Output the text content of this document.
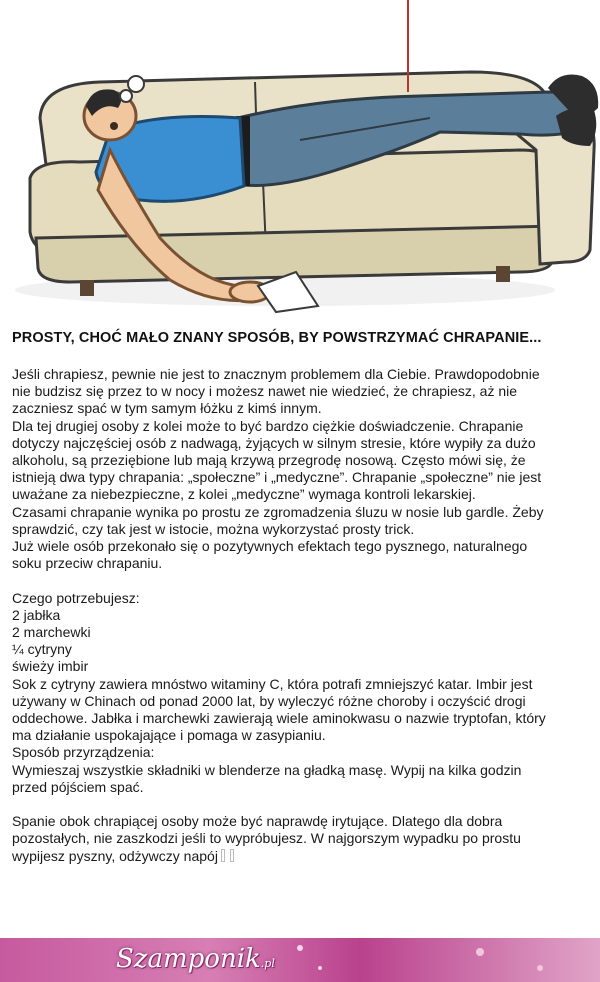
PROSTY, CHOĆ MAŁO ZNANY SPOSÓB, BY POWSTRZYMAĆ CHRAPANIE...
Jeśli chrapiesz, pewnie nie jest to znacznym problemem dla Ciebie. Prawdopodobnie
nie budzisz się przez to w nocy i możesz nawet nie wiedzieć, że chrapiesz, aż nie
zaczniesz spać w tym samym łóżku z kimś innym.
Dla tej drugiej osoby z kolei może to być bardzo ciężkie doświadczenie. Chrapanie
dotyczy najczęściej osób z nadwagą, żyjących w silnym stresie, które wypiły za dużo
alkoholu, są przeziębione lub mają krzywą przegrodę nosową. Często mówi się, że
istnieją dwa typy chrapania: „społeczne” i „medyczne”. Chrapanie „społeczne” nie jest
uważane za niebezpieczne, z kolei „medyczne” wymaga kontroli lekarskiej.
Czasami chrapanie wynika po prostu ze zgromadzenia śluzu w nosie lub gardle. Żeby
sprawdzić, czy tak jest w istocie, można wykorzystać prosty trick.
Już wiele osób przekonało się o pozytywnych efektach tego pysznego, naturalnego
soku przeciw chrapaniu.
Czego potrzebujesz:
2 jabłka
2 marchewki
¼ cytryny
świeży imbir
Sok z cytryny zawiera mnóstwo witaminy C, która potrafi zmniejszyć katar. Imbir jest
używany w Chinach od ponad 2000 lat, by wyleczyć różne choroby i oczyścić drogi
oddechowe. Jabłka i marchewki zawierają wiele aminokwasu o nazwie tryptofan, który
ma działanie uspokajające i pomaga w zasypianiu.
Sposób przyrządzenia:
Wymieszaj wszystkie składniki w blenderze na gładką masę. Wypij na kilka godzin
przed pójściem spać.
Spanie obok chrapiącej osoby może być naprawdę irytujące. Dlatego dla dobra
pozostałych, nie zaszkodzi jeśli to wypróbujesz. W najgorszym wypadku po prostu
wypijesz pyszny, odżywczy napój
Szamponik.pl
